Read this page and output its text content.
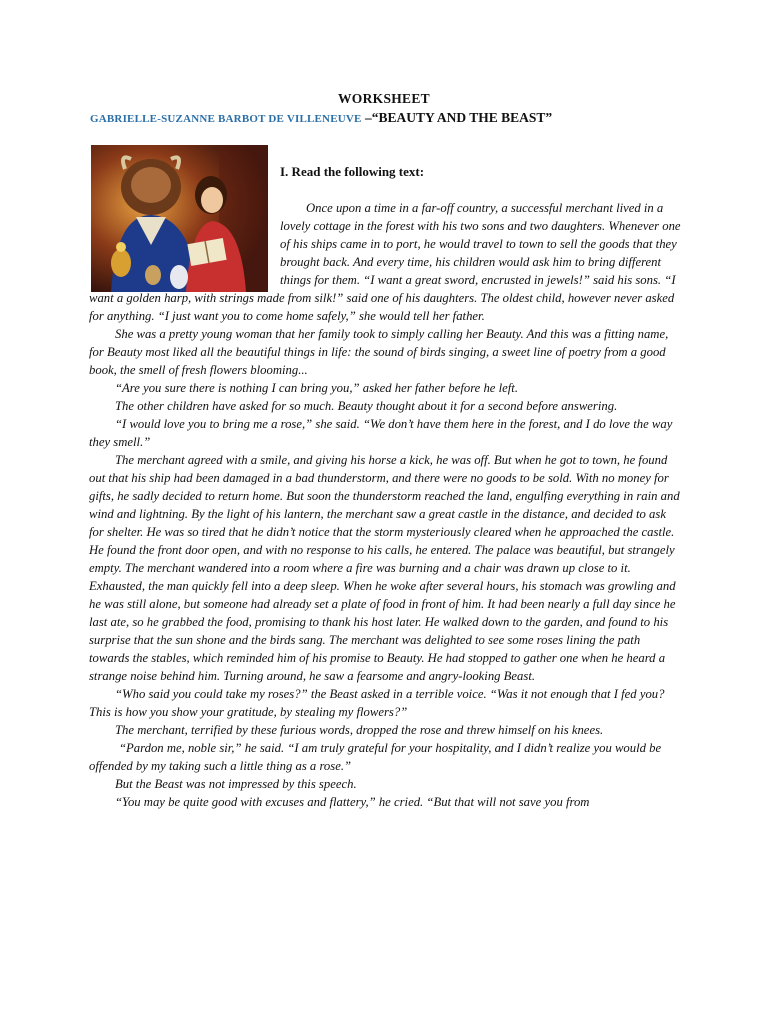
WORKSHEET
GABRIELLE-SUZANNE BARBOT DE VILLENEUVE –“BEAUTY AND THE BEAST”
I. Read the following text:

Once upon a time in a far-off country, a successful merchant lived in a lovely cottage in the forest with his two sons and two daughters. Whenever one of his ships came in to port, he would travel to town to sell the goods that they brought back. And every time, his children would ask him to bring different things for them. “I want a great sword, encrusted in jewels!” said his sons. “I want a golden harp, with strings made from silk!” said one of his daughters. The oldest child, however never asked for anything. “I just want you to come home safely,” she would tell her father.

She was a pretty young woman that her family took to simply calling her Beauty. And this was a fitting name, for Beauty most liked all the beautiful things in life: the sound of birds singing, a sweet line of poetry from a good book, the smell of fresh flowers blooming...

“Are you sure there is nothing I can bring you,” asked her father before he left.

The other children have asked for so much. Beauty thought about it for a second before answering.

“I would love you to bring me a rose,” she said. “We don’t have them here in the forest, and I do love the way they smell.”

The merchant agreed with a smile, and giving his horse a kick, he was off. But when he got to town, he found out that his ship had been damaged in a bad thunderstorm, and there were no goods to be sold. With no money for gifts, he sadly decided to return home. But soon the thunderstorm reached the land, engulfing everything in rain and wind and lightning. By the light of his lantern, the merchant saw a great castle in the distance, and decided to ask for shelter. He was so tired that he didn’t notice that the storm mysteriously cleared when he approached the castle. He found the front door open, and with no response to his calls, he entered. The palace was beautiful, but strangely empty. The merchant wandered into a room where a fire was burning and a chair was drawn up close to it. Exhausted, the man quickly fell into a deep sleep. When he woke after several hours, his stomach was growling and he was still alone, but someone had already set a plate of food in front of him. It had been nearly a full day since he last ate, so he grabbed the food, promising to thank his host later. He walked down to the garden, and found to his surprise that the sun shone and the birds sang. The merchant was delighted to see some roses lining the path towards the stables, which reminded him of his promise to Beauty. He had stopped to gather one when he heard a strange noise behind him. Turning around, he saw a fearsome and angry-looking Beast.

“Who said you could take my roses?” the Beast asked in a terrible voice. “Was it not enough that I fed you? This is how you show your gratitude, by stealing my flowers?”

The merchant, terrified by these furious words, dropped the rose and threw himself on his knees.

“Pardon me, noble sir,” he said. “I am truly grateful for your hospitality, and I didn’t realize you would be offended by my taking such a little thing as a rose.”

But the Beast was not impressed by this speech.

“You may be quite good with excuses and flattery,” he cried. “But that will not save you from
